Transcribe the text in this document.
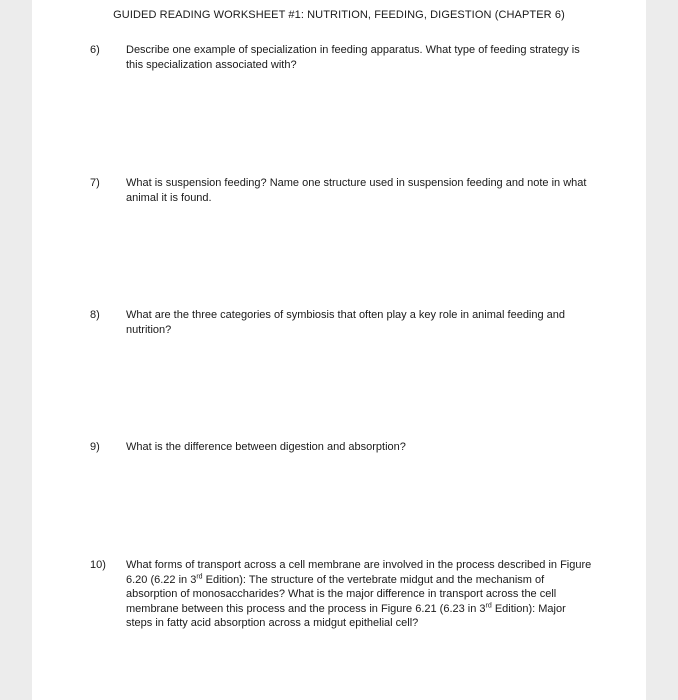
GUIDED READING WORKSHEET #1: NUTRITION, FEEDING, DIGESTION (CHAPTER 6)
6) Describe one example of specialization in feeding apparatus. What type of feeding strategy is this specialization associated with?
7) What is suspension feeding? Name one structure used in suspension feeding and note in what animal it is found.
8) What are the three categories of symbiosis that often play a key role in animal feeding and nutrition?
9) What is the difference between digestion and absorption?
10) What forms of transport across a cell membrane are involved in the process described in Figure 6.20 (6.22 in 3rd Edition): The structure of the vertebrate midgut and the mechanism of absorption of monosaccharides? What is the major difference in transport across the cell membrane between this process and the process in Figure 6.21 (6.23 in 3rd Edition): Major steps in fatty acid absorption across a midgut epithelial cell?
